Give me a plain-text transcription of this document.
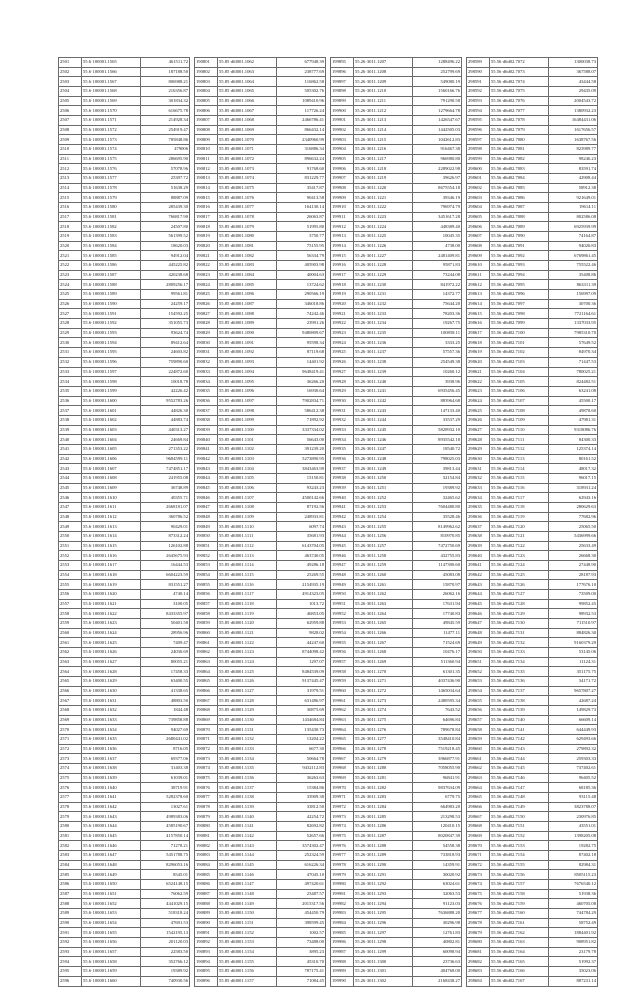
2501	55.6·100001.1565	461511.72
2502	55.6·100001.1566	187188.50
2503	55.6·100001.1567	806988.21
2504	55.6·100001.1568	216356.87
2505	55.6·100001.1569	301834.32
2506	55.6·100001.1570	616675.78
2507	55.6·100001.1571	214928.34
2508	55.6·100001.1572	254919.47
2509	55.6·100001.1573	785848.86
2510	55.6·100001.1574	479006
2511	55.6·100001.1575	286695.90
2512	55.6·100001.1576	57078.96
2513	55.6·100001.1577	25397.72
2514	55.6·100001.1578	51638.29
2515	55.6·100001.1579	88887.09
2516	55.6·100001.1580	285439.30
2517	55.6·100001.1581	766817.90
2518	55.6·100001.1582	24507.80
2519	55.6·100001.1583	561399.52
2520	55.6·100001.1584	18620.03
2521	55.6·100001.1585	94912.04
2522	55.6·100001.1586	445225.82
2523	55.6·100001.1587	420238.68
2524	55.6·100001.1588	2809256.17
2525	55.6·100001.1589	99561.81
2526	55.6·100001.1590	24259.17
2527	55.6·100001.1591	154592.25
2528	55.6·100001.1592	351055.73
2529	55.6·100001.1593	93624.74
2530	55.6·100001.1594	89412.64
2531	55.6·100001.1595	24603.82
2532	55.6·100001.1596	759890.60
2533	55.6·100001.1597	224872.60
2534	55.6·100001.1598	10018.78
2535	55.6·100001.1599	42226.42
2536	55.6·100001.1600	9552783.26
2537	55.6·100001.1601	44826.30
2538	55.6·100001.1602	44883.74
2539	55.6·100001.1603	440313.27
2540	55.6·100001.1604	24669.84
2541	55.6·100001.1605	271353.22
2542	55.6·100001.1606	9684599.11
2543	55.6·100001.1607	7474851.17
2544	55.6·100001.1608	241955.08
2545	55.6·100001.1609	36748.89
2546	55.6·100001.1610	40355.71
2547	55.6·100001.1611	2668181.07
2548	55.6·100001.1612	360786.52
2549	55.6·100001.1613	90429.01
2550	55.6·100001.1614	873312.24
2551	55.6·100001.1615	126102.88
2552	55.6·100001.1616	2645675.93
2553	55.6·100001.1617	16444.53
2554	55.6·100001.1618	6604223.59
2555	55.6·100001.1619	831551.27
2556	55.6·100001.1620	4740.14
2557	55.6·100001.1621	3100.05
2558	55.6·100001.1622	8433355.97
2559	55.6·100001.1623	50401.58
2560	55.6·100001.1624	28956.96
2561	55.6·100001.1625	7409.47
2562	55.6·100001.1626	24030.69
2563	55.6·100001.1627	80055.21
2564	55.6·100001.1628	17458.33
2565	55.6·100001.1629	63400.55
2566	55.6·100001.1630	41338.65
2567	55.6·100001.1631	48803.50
2568	55.6·100001.1632	1844.48
2569	55.6·100001.1633	739858.88
2570	55.6·100001.1634	94027.69
2571	55.6·100001.1635	2680441.02
2572	55.6·100001.1636	8716.05
2573	55.6·100001.1637	69377.06
2574	55.6·100001.1638	31403.38
2575	55.6·100001.1639	61039.01
2576	55.6·100001.1640	38719.91
2577	55.6·100001.1641	5282378.60
2578	55.6·100001.1642	13027.61
2579	55.6·100001.1643	4989383.06
2580	55.6·100001.1644	4585190.67
2581	55.6·100001.1645	4157850.14
2582	55.6·100001.1646	71278.21
2583	55.6·100001.1647	5451788.75
2584	55.6·100001.1648	8296053.16
2585	55.6·100001.1649	8545.01
2586	55.6·100001.1650	6524148.15
2587	55.6·100001.1651	76062.59
2588	55.6·100001.1652	4441029.15
2589	55.6·100001.1653	518318.24
2590	55.6·100001.1654	47691.53
2591	55.6·100001.1655	1542195.13
2592	55.6·100001.1656	201120.03
2593	55.6·100001.1657	22583.50
2594	55.6·100001.1658	352766.12
2595	55.6·100001.1659	19389.92
2596	55.6·100001.1660	740930.56
190801	55.85·d6l001.1062	677948.39
190802	55.85·d6l001.1063	238777.69
190803	55.85·d6l001.1064	116862.58
190804	55.85·d6l001.1065	505302.76
190805	55.85·d6l001.1066	1089410.96
190806	55.85·d6l001.1067	117726.24
190807	55.85·d6l001.1068	2466786.41
190808	55.85·d6l001.1069	866432.14
190809	55.85·d6l001.1070	2340960.99
190810	55.85·d6l001.1071	316886.34
190811	55.85·d6l001.1072	896632.24
190812	55.85·d6l001.1073	91768.60
190813	55.85·d6l001.1074	831229.77
190814	55.85·d6l001.1075	35417.87
190815	55.85·d6l001.1076	90413.58
190816	55.85·d6l001.1077	164130.14
190817	55.85·d6l001.1078	26063.87
190818	55.85·d6l001.1079	51995.80
190819	55.85·d6l001.1080	3750.77
190820	55.85·d6l001.1081	75155.95
190821	55.85·d6l001.1082	56334.79
190822	55.85·d6l001.1083	405903.98
190823	55.85·d6l001.1084	40004.63
190824	55.85·d6l001.1085	13724.62
190825	55.85·d6l001.1086	290566.19
190826	55.85·d6l001.1087	346018.86
190827	55.85·d6l001.1088	74242.46
190828	55.85·d6l001.1089	23991.26
190829	55.85·d6l001.1090	9480809.67
190830	55.85·d6l001.1091	95598.34
190831	55.85·d6l001.1092	87119.68
190832	55.85·d6l001.1093	14401.92
190833	55.85·d6l001.1094	9648419.41
190834	55.85·d6l001.1095	36266.20
190835	55.85·d6l001.1096	16930.64
190836	55.85·d6l001.1097	7902834.71
190837	55.85·d6l001.1098	586412.38
190838	55.85·d6l001.1099	71892.92
190839	55.85·d6l001.1100	3337334.02
190840	55.85·d6l001.1101	56643.00
190841	55.85·d6l001.1102	391239.20
190842	55.85·d6l001.1103	5273890.95
190843	55.85·d6l001.1104	3843463.99
190844	55.85·d6l001.1105	15150.81
190845	55.85·d6l001.1106	93243.23
190846	55.85·d6l001.1107	4500142.66
190847	55.85·d6l001.1108	87192.56
190848	55.85·d6l001.1109	248933.81
190849	55.85·d6l001.1110	6097.74
190850	55.85·d6l001.1111	35681.93
190851	55.85·d6l001.1112	6143704.05
190852	55.85·d6l001.1113	463740.05
190853	55.85·d6l001.1114	49286.18
190854	55.85·d6l001.1115	25269.55
190855	55.85·d6l001.1116	2154935.19
190856	55.85·d6l001.1117	4914323.05
190857	55.85·d6l001.1118	1013.72
190858	55.85·d6l001.1119	46853.05
190859	55.85·d6l001.1120	62959.88
190860	55.85·d6l001.1121	9828.02
190861	55.85·d6l001.1122	44247.60
190862	55.85·d6l001.1123	8744098.42
190863	55.85·d6l001.1124	1297.07
190864	55.85·d6l001.1125	8484539.09
190865	55.85·d6l001.1126	9137445.47
190866	55.85·d6l001.1127	31979.51
190867	55.85·d6l001.1128	631486.97
190868	55.85·d6l001.1129	30875.69
190869	55.85·d6l001.1130	1434684.84
190870	55.85·d6l001.1131	135430.73
190871	55.85·d6l001.1132	13204.22
190872	55.85·d6l001.1133	6677.30
190873	55.85·d6l001.1134	50664.78
190874	55.85·d6l001.1135	9432112.83
190875	55.85·d6l001.1136	36263.63
190876	55.85·d6l001.1137	15384.86
190877	55.85·d6l001.1138	33909.38
190878	55.85·d6l001.1139	33812.50
190879	55.85·d6l001.1140	42254.72
190880	55.85·d6l001.1141	82692.82
190881	55.85·d6l001.1142	52657.66
190882	55.85·d6l001.1143	3574302.47
190883	55.85·d6l001.1144	252324.59
190884	55.85·d6l001.1145	616226.34
190885	55.85·d6l001.1146	47045.10
190886	55.85·d6l001.1147	497420.61
190887	55.85·d6l001.1148	23487.57
190888	55.85·d6l001.1149	2015317.56
190889	55.85·d6l001.1150	454450.79
190890	55.85·d6l001.1151	398599.45
190891	55.85·d6l001.1152	1002.57
190892	55.85·d6l001.1153	73488.00
190893	55.85·d6l001.1154	3895.23
190894	55.85·d6l001.1155	45310.70
190895	55.85·d6l001.1156	787175.41
190896	55.85·d6l001.1157	71084.45
199895	55.26·3011.1207	1288496.22
199896	55.26·3011.1208	252799.69
199897	55.26·3011.1209	549080.19
199898	55.26·3011.1210	1560166.76
199899	55.26·3011.1211	791290.58
199900	55.26·3011.1212	1279664.78
199901	55.26·3011.1213	1426547.67
199902	55.26·3011.1214	1442505.03
199903	55.26·3011.1215	1042612.83
199904	55.26·3011.1216	916467.38
199905	55.26·3011.1217	966980.80
199906	55.26·3011.1218	2289022.98
199907	55.26·3011.1219	39626.97
199908	55.26·3011.1220	8675554.18
199909	55.26·3011.1221	39346.19
199910	55.26·3011.1222	796974.79
199911	55.26·3011.1223	3451617.28
199912	55.26·3011.1224	448389.40
199913	55.26·3011.1225	10045.35
199914	55.26·3011.1226	4738.00
199915	55.26·3011.1227	2481409.81
199916	55.26·3011.1228	95871.83
199917	55.26·3011.1229	73244.08
199918	55.26·3011.1230	841972.22
199919	55.26·3011.1231	14372.77
199920	55.26·3011.1232	75644.20
199921	55.26·3011.1233	78203.36
199922	55.26·3011.1234	19267.75
199923	55.26·3011.1235	100858.11
199924	55.26·3011.1236	3333.25
199925	55.26·3011.1237	57557.36
199926	55.26·3011.1238	254549.38
199927	55.26·3011.1239	10260.12
199928	55.26·3011.1240	3938.96
199929	55.26·3011.1241	6935456.45
199930	55.26·3011.1242	883964.68
199931	55.26·3011.1243	147133.40
199932	55.26·3011.1244	33537.29
199933	55.26·3011.1245	5828932.10
199934	55.26·3011.1246	8935542.18
199935	55.26·3011.1247	18540.72
199936	55.26·3011.1248	798025.03
199937	55.26·3011.1249	39813.44
199938	55.26·3011.1250	32154.84
199939	55.26·3011.1251	19389.92
199940	55.26·3011.1252	32465.62
199941	55.26·3011.1253	7604480.80
199942	55.26·3011.1254	35528.46
199943	55.26·3011.1255	8149962.62
199944	55.26·3011.1256	810970.85
199945	55.26·3011.1257	7472750.69
199946	55.26·3011.1258	432755.83
199947	55.26·3011.1259	1147390.60
199948	55.26·3011.1260	45083.08
199949	55.26·3011.1261	15870.97
199950	55.26·3011.1262	26062.16
199951	55.26·3011.1263	17631.94
199952	55.26·3011.1264	17740.83
199953	55.26·3011.1265	49845.59
199954	55.26·3011.1266	11477.11
199955	55.26·3011.1267	71524.69
199956	55.26·3011.1268	10476.17
199957	55.26·3011.1269	511360.94
199958	55.26·3011.1270	61301.35
199959	55.26·3011.1271	4037436.90
199960	55.26·3011.1272	1465034.64
199961	55.26·3011.1273	2480595.34
199962	55.26·3011.1274	7643.52
199963	55.26·3011.1275	64696.84
199964	55.26·3011.1276	789678.84
199965	55.26·3011.1277	3548410.84
199966	55.26·3011.1278	7519218.45
199967	55.26·3011.1279	3966877.91
199968	55.26·3011.1280	7058055.90
199969	55.26·3011.1281	96841.91
199970	55.26·3011.1282	9837634.09
199971	55.26·3011.1283	6779.75
199972	55.26·3011.1284	664983.20
199973	55.26·3011.1285	213298.53
199974	55.26·3011.1286	120410.15
199975	55.26·3011.1287	8020847.39
199976	55.26·3011.1288	54558.38
199977	55.26·3011.1289	733818.93
199978	55.26·3011.1290	14359.91
199979	55.26·3011.1291	30020.92
199980	55.26·3011.1292	63024.61
199981	55.26·3011.1293	32063.53
199982	55.26·3011.1294	91123.03
199983	55.26·3011.1295	7636888.20
199984	55.26·3011.1296	30296.98
199985	55.26·3011.1297	12761.83
199986	55.26·3011.1298	40802.81
199987	55.26·3011.1299	60098.94
199988	55.26·3011.1300	23736.63
199989	55.26·3011.1301	404768.00
199990	55.26·3011.1302	2168438.27
298589	55.56·d6d02.7072	1300038.73
298590	55.56·d6d02.7073	367588.07
298591	55.56·d6d02.7074	43444.58
298592	55.56·d6d02.7075	29435.09
298593	55.56·d6d02.7076	2004543.72
298594	55.56·d6d02.7077	1380932.23
298595	55.56·d6d02.7078	16484431.06
298596	55.56·d6d02.7079	1617656.57
298597	55.56·d6d02.7080	1638767.56
298598	55.56·d6d02.7081	823989.77
298599	55.56·d6d02.7082	98246.23
298600	55.56·d6d02.7083	83591.74
298601	55.56·d6d02.7084	42908.44
298602	55.56·d6d02.7085	58912.38
298603	55.56·d6d02.7086	921649.01
298604	55.56·d6d02.7087	19614.11
298605	55.56·d6d02.7088	802586.08
298606	55.56·d6d02.7089	6925939.99
298607	55.56·d6d02.7090	74164.87
298608	55.56·d6d02.7091	94026.83
298609	55.56·d6d02.7092	6769861.45
298610	55.56·d6d02.7093	755522.46
298611	55.56·d6d02.7094	35408.86
298612	55.56·d6d02.7095	863311.39
298613	55.56·d6d02.7096	156997.09
298614	55.56·d6d02.7097	30700.36
298615	55.56·d6d02.7098	7721164.61
298616	55.56·d6d02.7099	1337033.95
298617	55.56·d6d02.7100	7985310.70
298618	55.56·d6d02.7101	57649.52
298619	55.56·d6d02.7102	84970.34
298620	55.56·d6d02.7103	71447.53
298621	55.56·d6d02.7104	780025.21
298622	55.56·d6d02.7105	824482.51
298623	55.56·d6d02.7106	63241.08
298624	55.56·d6d02.7107	45500.17
298625	55.56·d6d02.7108	49878.60
298626	55.56·d6d02.7109	47981.31
298627	55.56·d6d02.7110	9318086.76
298628	55.56·d6d02.7111	84300.33
298629	55.56·d6d02.7112	125374.14
298630	55.56·d6d02.7113	80161.52
298631	55.56·d6d02.7114	48017.32
298632	55.56·d6d02.7115	96017.15
298633	55.56·d6d02.7116	318931.24
298634	55.56·d6d02.7117	62943.16
298635	55.56·d6d02.7118	280629.63
298636	55.56·d6d02.7119	77682.96
298637	55.56·d6d02.7120	25065.50
298638	55.56·d6d02.7121	5436999.66
298639	55.56·d6d02.7122	25633.49
298640	55.56·d6d02.7123	26668.30
298641	55.56·d6d02.7124	27448.90
298642	55.56·d6d02.7125	28187.93
298643	55.56·d6d02.7126	177676.10
298644	55.56·d6d02.7127	73509.00
298645	55.56·d6d02.7128	99852.45
298646	55.56·d6d02.7129	98932.53
298647	55.56·d6d02.7130	711510.97
298648	55.56·d6d02.7131	884826.30
298649	55.56·d6d02.7132	9160379.29
298650	55.56·d6d02.7133	53145.06
298651	55.56·d6d02.7134	11124.31
298652	55.56·d6d02.7135	351175.75
298653	55.56·d6d02.7136	34171.72
298654	55.56·d6d02.7137	9657807.27
298655	55.56·d6d02.7138	42687.24
298656	55.56·d6d02.7139	149829.73
298657	55.56·d6d02.7140	66609.14
298658	55.56·d6d02.7141	644449.93
298659	55.56·d6d02.7142	629493.66
298660	55.56·d6d02.7143	279892.32
298661	55.56·d6d02.7144	259303.33
298662	55.56·d6d02.7145	737402.61
298663	55.56·d6d02.7146	96405.52
298664	55.56·d6d02.7147	68185.36
298665	55.56·d6d02.7148	93115.48
298666	55.56·d6d02.7149	3823788.07
298667	55.56·d6d02.7150	230976.85
298668	55.56·d6d02.7151	43551.01
298669	55.56·d6d02.7152	1398205.08
298670	55.56·d6d02.7153	19282.75
298671	55.56·d6d02.7154	87402.18
298672	55.56·d6d02.7155	82984.31
298673	55.56·d6d02.7156	8505115.23
298674	55.56·d6d02.7157	7676540.12
298675	55.56·d6d02.7158	51938.36
298676	55.56·d6d02.7159	460705.08
298677	55.56·d6d02.7160	744784.29
298678	55.56·d6d02.7161	58752.49
298679	55.56·d6d02.7162	1884401.92
298680	55.56·d6d02.7163	908951.82
298681	55.56·d6d02.7164	23179.78
298682	55.56·d6d02.7165	51992.37
298683	55.56·d6d02.7166	35023.06
298684	55.56·d6d02.7167	887231.14
